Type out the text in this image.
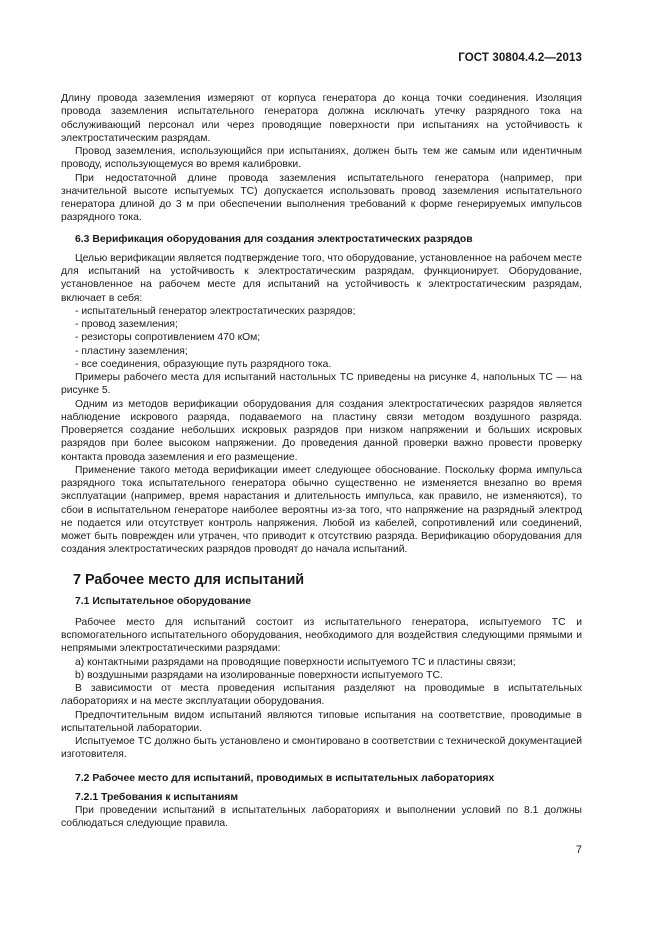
ГОСТ 30804.4.2—2013

Длину провода заземления измеряют от корпуса генератора до конца точки соединения. Изоляция провода заземления испытательного генератора должна исключать утечку разрядного тока на обслуживающий персонал или через проводящие поверхности при испытаниях на устойчивость к электростатическим разрядам.

Провод заземления, использующийся при испытаниях, должен быть тем же самым или идентичным проводу, использующемуся во время калибровки.

При недостаточной длине провода заземления испытательного генератора (например, при значительной высоте испытуемых ТС) допускается использовать провод заземления испытательного генератора длиной до 3 м при обеспечении выполнения требований к форме генерируемых импульсов разрядного тока.

6.3 Верификация оборудования для создания электростатических разрядов

Целью верификации является подтверждение того, что оборудование, установленное на рабочем месте для испытаний на устойчивость к электростатическим разрядам, функционирует. Оборудование, установленное на рабочем месте для испытаний на устойчивость к электростатическим разрядам, включает в себя:

- испытательный генератор электростатических разрядов;

- провод заземления;

- резисторы сопротивлением 470 кОм;

- пластину заземления;

- все соединения, образующие путь разрядного тока.

Примеры рабочего места для испытаний настольных ТС приведены на рисунке 4, напольных ТС — на рисунке 5.

Одним из методов верификации оборудования для создания электростатических разрядов является наблюдение искрового разряда, подаваемого на пластину связи методом воздушного разряда. Проверяется создание небольших искровых разрядов при низком напряжении и больших искровых разрядов при более высоком напряжении. До проведения данной проверки важно провести проверку контакта провода заземления и его размещение.

Применение такого метода верификации имеет следующее обоснование. Поскольку форма импульса разрядного тока испытательного генератора обычно существенно не изменяется внезапно во время эксплуатации (например, время нарастания и длительность импульса, как правило, не изменяются), то сбои в испытательном генераторе наиболее вероятны из-за того, что напряжение на разрядный электрод не подается или отсутствует контроль напряжения. Любой из кабелей, сопротивлений или соединений, может быть поврежден или утрачен, что приводит к отсутствию разряда. Верификацию оборудования для создания электростатических разрядов проводят до начала испытаний.

7 Рабочее место для испытаний
7.1 Испытательное оборудование

Рабочее место для испытаний состоит из испытательного генератора, испытуемого ТС и вспомогательного испытательного оборудования, необходимого для воздействия следующими прямыми и непрямыми электростатическими разрядами:

а) контактными разрядами на проводящие поверхности испытуемого ТС и пластины связи;

b) воздушными разрядами на изолированные поверхности испытуемого ТС.

В зависимости от места проведения испытания разделяют на проводимые в испытательных лабораториях и на месте эксплуатации оборудования.

Предпочтительным видом испытаний являются типовые испытания на соответствие, проводимые в испытательной лаборатории.

Испытуемое ТС должно быть установлено и смонтировано в соответствии с технической документацией изготовителя.

7.2 Рабочее место для испытаний, проводимых в испытательных лабораториях
7.2.1 Требования к испытаниям

При проведении испытаний в испытательных лабораториях и выполнении условий по 8.1 должны соблюдаться следующие правила.

7
